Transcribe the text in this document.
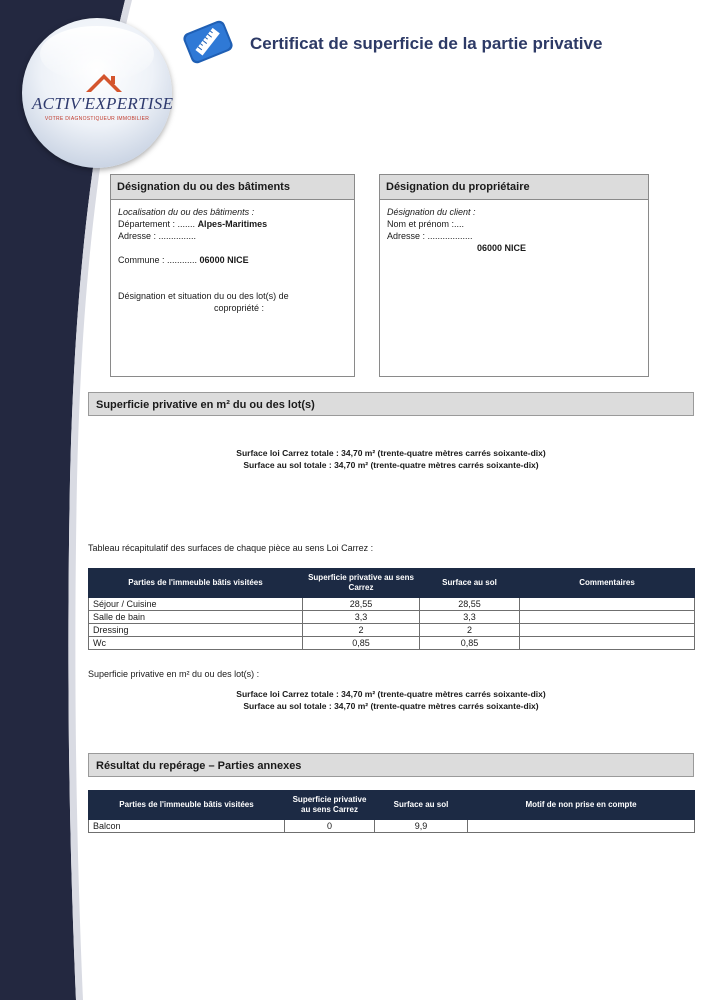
ACTIV'EXPERTISE
VOTRE DIAGNOSTIQUEUR IMMOBILIER
Certificat de superficie de la partie privative
Désignation du ou des bâtiments
Localisation du ou des bâtiments :
Département : ....... Alpes-Maritimes
Adresse : ...............
Commune : ............ 06000 NICE
Désignation et situation du ou des lot(s) de
copropriété :
Désignation du propriétaire
Désignation du client :
Nom et prénom :....
Adresse : ..................
06000 NICE
Superficie privative en m² du ou des lot(s)
Surface loi Carrez totale : 34,70 m² (trente-quatre mètres carrés soixante-dix)
Surface au sol totale : 34,70 m² (trente-quatre mètres carrés soixante-dix)
Tableau récapitulatif des surfaces de chaque pièce au sens Loi Carrez :
Parties de l'immeuble bâtis visitées	Superficie privative au sens Carrez	Surface au sol	Commentaires
Séjour / Cuisine	28,55	28,55	
Salle de bain	3,3	3,3	
Dressing	2	2	
Wc	0,85	0,85	
Superficie privative en m² du ou des lot(s) :
Surface loi Carrez totale : 34,70 m² (trente-quatre mètres carrés soixante-dix)
Surface au sol totale : 34,70 m² (trente-quatre mètres carrés soixante-dix)
Résultat du repérage – Parties annexes
Parties de l'immeuble bâtis visitées	Superficie privative au sens Carrez	Surface au sol	Motif de non prise en compte
Balcon	0	9,9	
